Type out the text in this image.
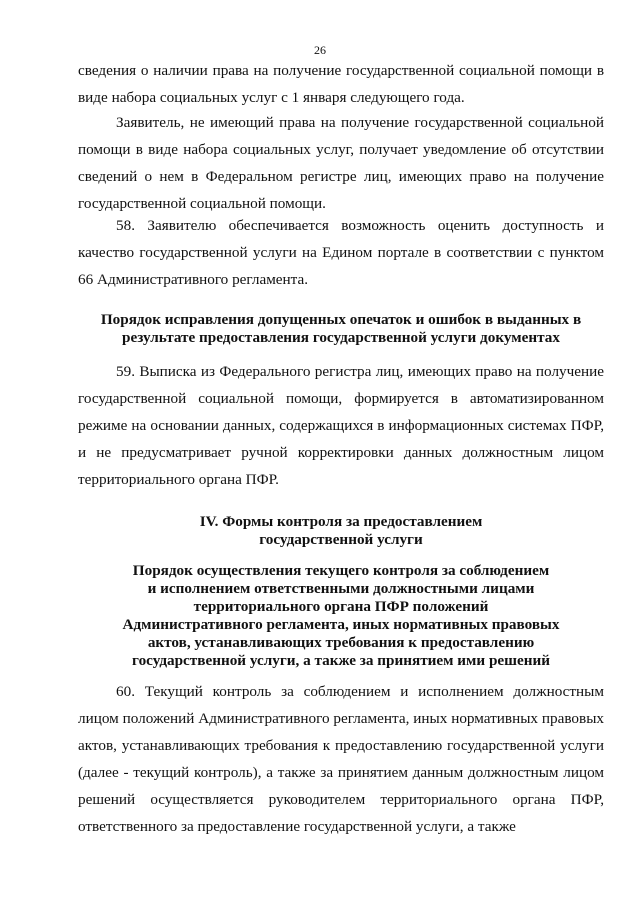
26

сведения о наличии права на получение государственной социальной помощи в виде набора социальных услуг с 1 января следующего года.

Заявитель, не имеющий права на получение государственной социальной помощи в виде набора социальных услуг, получает уведомление об отсутствии сведений о нем в Федеральном регистре лиц, имеющих право на получение государственной социальной помощи.

58. Заявителю обеспечивается возможность оценить доступность и качество государственной услуги на Едином портале в соответствии с пунктом 66 Административного регламента.

Порядок исправления допущенных опечаток и ошибок в выданных в
результате предоставления государственной услуги документах

59. Выписка из Федерального регистра лиц, имеющих право на получение государственной социальной помощи, формируется в автоматизированном режиме на основании данных, содержащихся в информационных системах ПФР, и не предусматривает ручной корректировки данных должностным лицом территориального органа ПФР.

IV. Формы контроля за предоставлением
государственной услуги
Порядок осуществления текущего контроля за соблюдением
и исполнением ответственными должностными лицами
территориального органа ПФР положений
Административного регламента, иных нормативных правовых
актов, устанавливающих требования к предоставлению
государственной услуги, а также за принятием ими решений

60. Текущий контроль за соблюдением и исполнением должностным лицом положений Административного регламента, иных нормативных правовых актов, устанавливающих требования к предоставлению государственной услуги (далее - текущий контроль), а также за принятием данным должностным лицом решений осуществляется руководителем территориального органа ПФР, ответственного за предоставление государственной услуги, а также
